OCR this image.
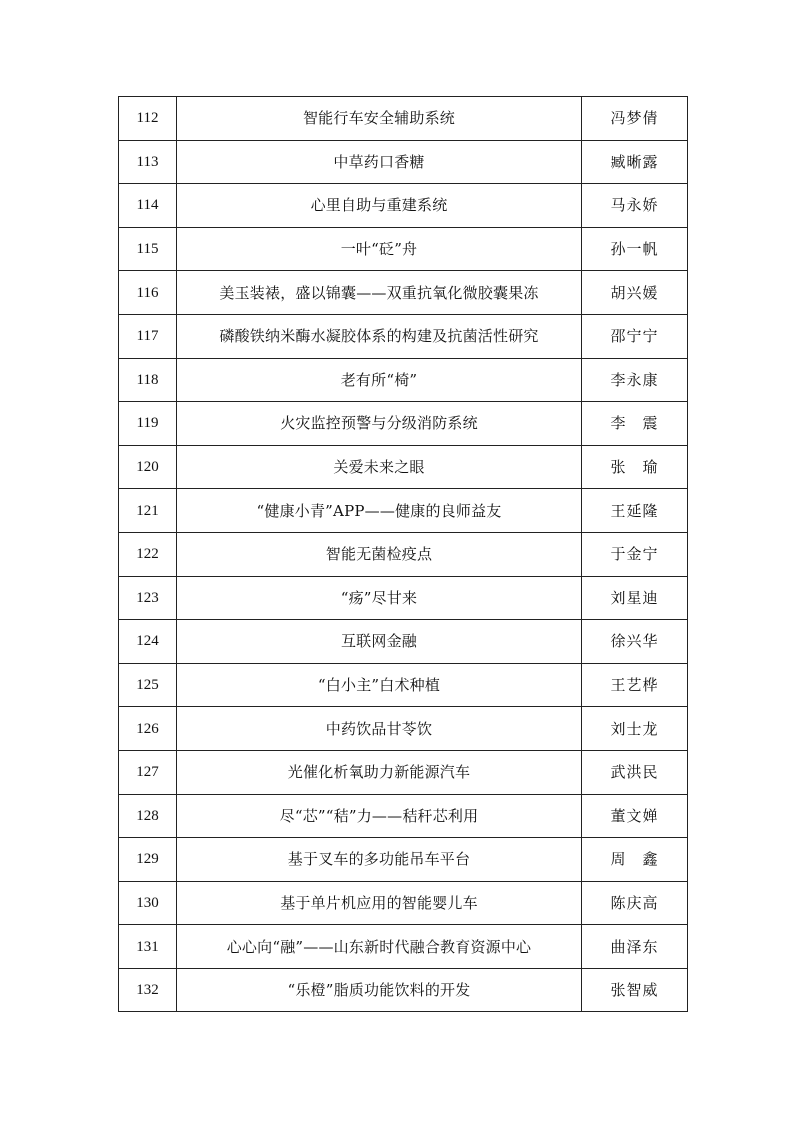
112	智能行车安全辅助系统	冯梦倩
113	中草药口香糖	臧晰露
114	心里自助与重建系统	马永娇
115	一叶“砭”舟	孙一帆
116	美玉装裱，盛以锦囊——双重抗氧化微胶囊果冻	胡兴媛
117	磷酸铁纳米酶水凝胶体系的构建及抗菌活性研究	邵宁宁
118	老有所“椅”	李永康
119	火灾监控预警与分级消防系统	李　震
120	关爱未来之眼	张　瑜
121	“健康小青”APP——健康的良师益友	王延隆
122	智能无菌检疫点	于金宁
123	“疡”尽甘来	刘星迪
124	互联网金融	徐兴华
125	“白小主”白术种植	王艺桦
126	中药饮品甘苓饮	刘士龙
127	光催化析氧助力新能源汽车	武洪民
128	尽“芯”“秸”力——秸秆芯利用	董文婵
129	基于叉车的多功能吊车平台	周　鑫
130	基于单片机应用的智能婴儿车	陈庆高
131	心心向“融”——山东新时代融合教育资源中心	曲泽东
132	“乐橙”脂质功能饮料的开发	张智威
